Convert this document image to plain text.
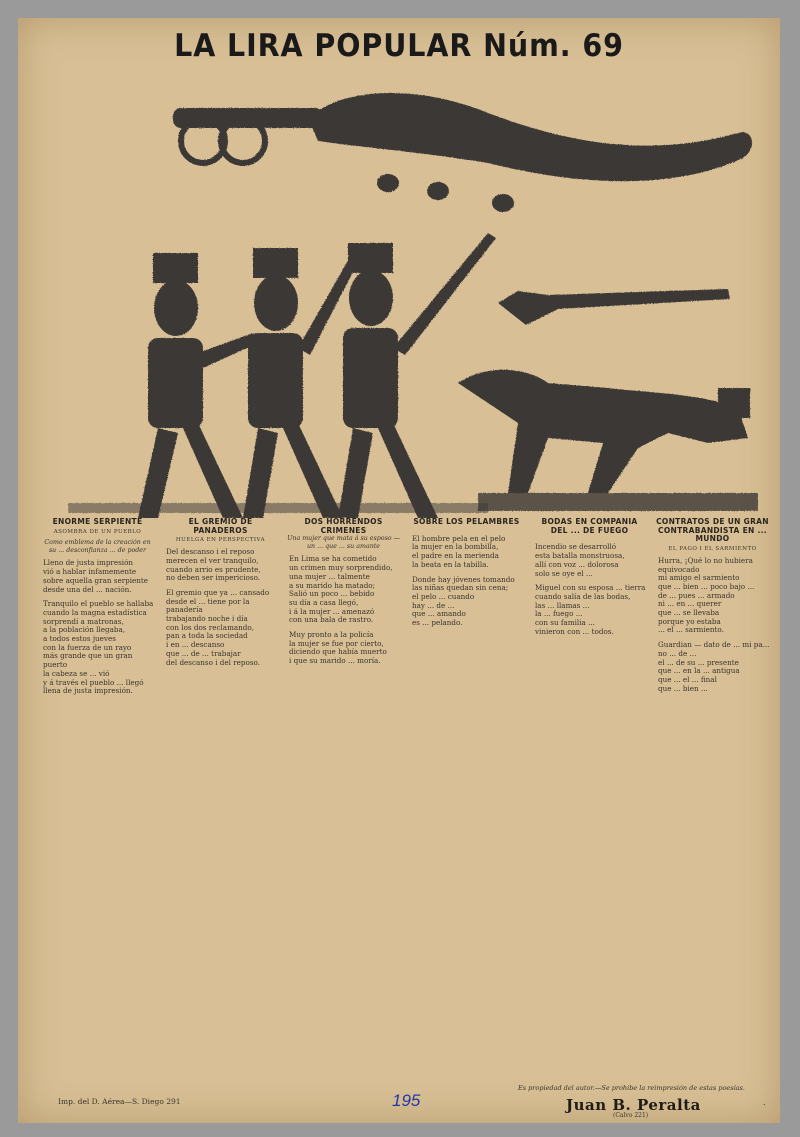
LA LIRA POPULAR Núm. 69
ENORME SERPIENTE
ASOMBRA DE UN PUEBLO
Como emblema de la creación en su ... desconfianza ... de poder

Lleno de justa impresión
vió a hablar infamemente
sobre aquella gran serpiente
desde una del ... nación.

Tranquilo el pueblo se hallaba
cuando la magna estadística
sorprendí a matronas,
a la población llegaba,
a todos estos jueves
con la fuerza de un rayo
más grande que un gran puerto
la cabeza se ... vió
y á través el pueblo ... llegó
llena de justa impresión.

EL GREMIO DE PANADEROS
HUELGA EN PERSPECTIVA

Del descanso i el reposo
merecen el ver tranquilo,
cuando arrio es prudente,
no deben ser impericioso.

El gremio que ya ... cansado
desde el ... tiene por la panadería
trabajando noche i día
con los dos reclamando,
pan a toda la sociedad
i en ... descanso
que ... de ... trabajar
del descanso i del reposo.

DOS HORRENDOS CRIMENES
Una mujer que mata á su esposo — un ... que ... su amante

En Lima se ha cometido
un crimen muy sorprendido,
una mujer ... talmente
a su marido ha matado;
Salió un poco ... bebido
su día a casa llegó,
i á la mujer ... amenazó
con una bala de rastro.

Muy pronto a la policía
la mujer se fue por cierto,
diciendo que había muerto
i que su marido ... moría.

SOBRE LOS PELAMBRES

El hombre pela en el pelo
la mujer en la bombilla,
el padre en la merienda
la beata en la tabilla.

Donde hay jóvenes tomando
las niñas quedan sin cena;
el pelo ... cuando
hay ... de ...
que ... amando
es ... pelando.

BODAS EN COMPAÑÍA DEL ... DE FUEGO

Incendio se desarrolló
esta batalla monstruosa,
allí con voz ... dolorosa
solo se oye el ...

Miguel con su esposa ... tierra
cuando salía de las bodas,
las ... llamas ...
la ... fuego ...
con su familia ...
vinieron con ... todos.

CONTRATOS DE UN GRAN CONTRABANDISTA EN ... MUNDO
EL PAGO I EL SARMIENTO

Hurra, ¡Qué lo no hubiera equivocado
mi amigo el sarmiento
que ... bien ... poco bajo ...
de ... pues ... armado
ni ... en ... querer
que ... se llevaba
porque yo estaba
... el ... sarmiento.

Guardian — dato de ... mi pa...
no ... de ...
el ... de su ... presente
que ... en la ... antigua
que ... el ... final
que ... bien ...

Imp. del D. Aérea—S. Diego 291	195
Es propiedad del autor.—Se prohibe la reimpresión de estas poesías.
Juan B. Peralta
(Calvo 221)
.
